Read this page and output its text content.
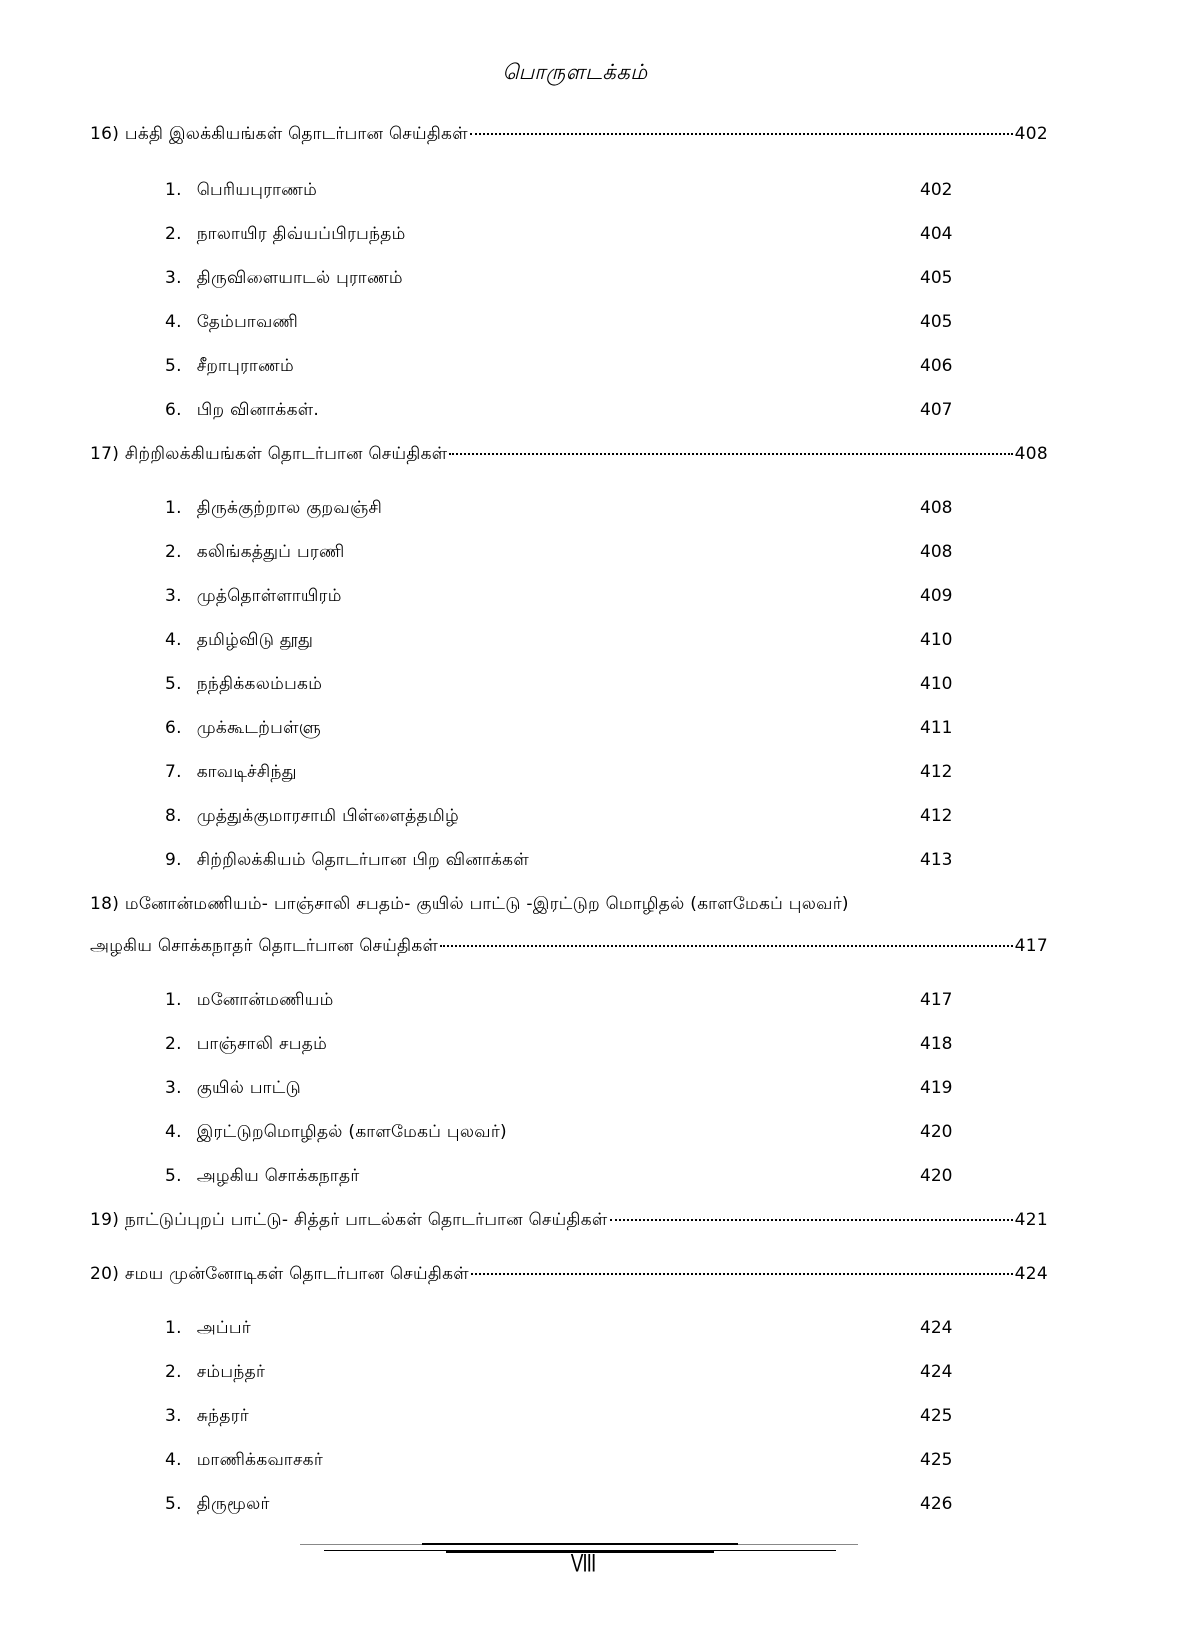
பொருளடக்கம்
16) பக்தி இலக்கியங்கள் தொடர்பான செய்திகள்	402
1. பெரியபுராணம்	402
2. நாலாயிர திவ்யப்பிரபந்தம்	404
3. திருவிளையாடல் புராணம்	405
4. தேம்பாவணி	405
5. சீறாபுராணம்	406
6. பிற வினாக்கள்.	407
17) சிற்றிலக்கியங்கள் தொடர்பான செய்திகள்	408
1. திருக்குற்றால குறவஞ்சி	408
2. கலிங்கத்துப் பரணி	408
3. முத்தொள்ளாயிரம்	409
4. தமிழ்விடு தூது	410
5. நந்திக்கலம்பகம்	410
6. முக்கூடற்பள்ளு	411
7. காவடிச்சிந்து	412
8. முத்துக்குமாரசாமி பிள்ளைத்தமிழ்	412
9. சிற்றிலக்கியம் தொடர்பான பிற வினாக்கள்	413
18) மனோன்மணியம்- பாஞ்சாலி சபதம்- குயில் பாட்டு -இரட்டுற மொழிதல் (காளமேகப் புலவர்)
அழகிய சொக்கநாதர் தொடர்பான செய்திகள்	417
1. மனோன்மணியம்	417
2. பாஞ்சாலி சபதம்	418
3. குயில் பாட்டு	419
4. இரட்டுறமொழிதல் (காளமேகப் புலவர்)	420
5. அழகிய சொக்கநாதர்	420
19) நாட்டுப்புறப் பாட்டு- சித்தர் பாடல்கள் தொடர்பான செய்திகள்	421
20) சமய முன்னோடிகள் தொடர்பான செய்திகள்	424
1. அப்பர்	424
2. சம்பந்தர்	424
3. சுந்தரர்	425
4. மாணிக்கவாசகர்	425
5. திருமூலர்	426
VIII
